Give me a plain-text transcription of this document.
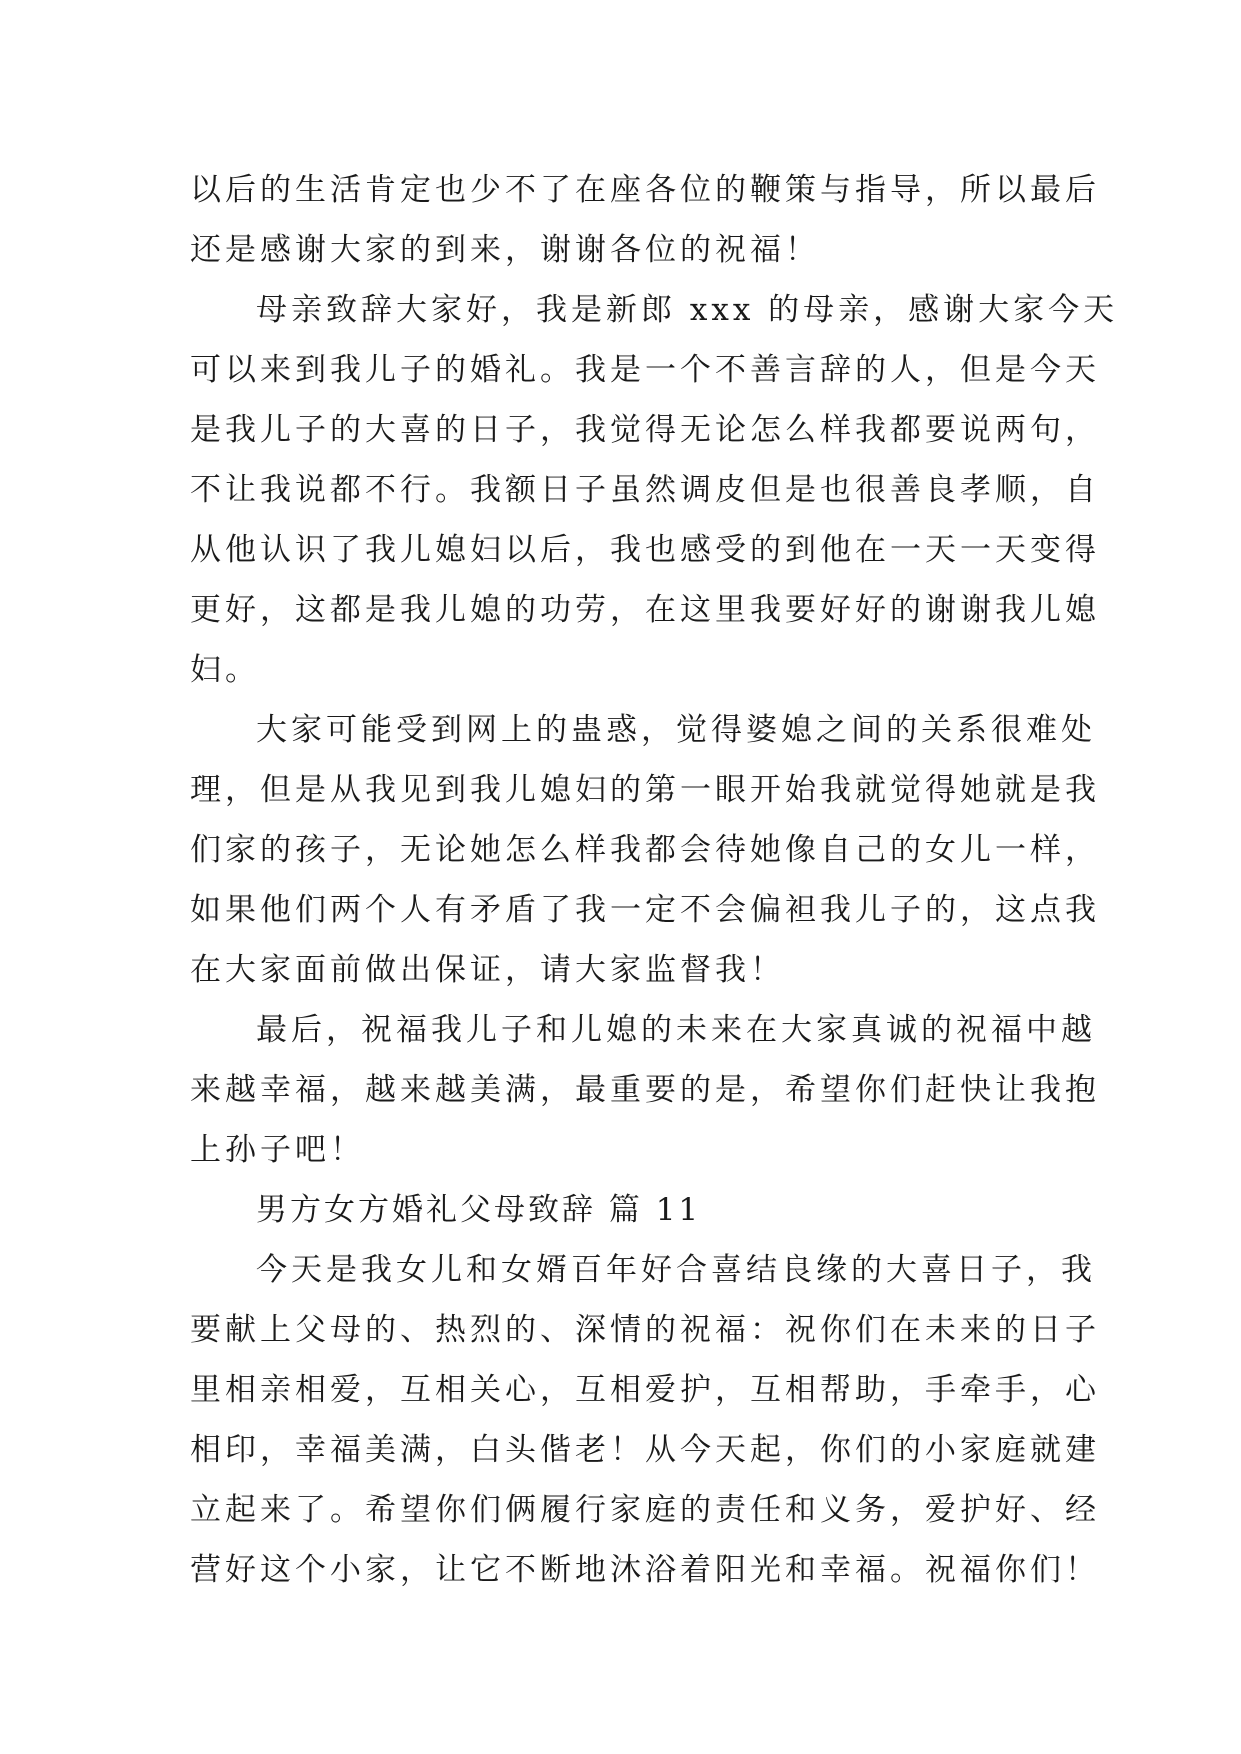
以后的生活肯定也少不了在座各位的鞭策与指导，所以最后
还是感谢大家的到来，谢谢各位的祝福！
母亲致辞大家好，我是新郎 xxx 的母亲，感谢大家今天
可以来到我儿子的婚礼。我是一个不善言辞的人，但是今天
是我儿子的大喜的日子，我觉得无论怎么样我都要说两句，
不让我说都不行。我额日子虽然调皮但是也很善良孝顺，自
从他认识了我儿媳妇以后，我也感受的到他在一天一天变得
更好，这都是我儿媳的功劳，在这里我要好好的谢谢我儿媳
妇。
大家可能受到网上的蛊惑，觉得婆媳之间的关系很难处
理，但是从我见到我儿媳妇的第一眼开始我就觉得她就是我
们家的孩子，无论她怎么样我都会待她像自己的女儿一样，
如果他们两个人有矛盾了我一定不会偏袒我儿子的，这点我
在大家面前做出保证，请大家监督我！
最后，祝福我儿子和儿媳的未来在大家真诚的祝福中越
来越幸福，越来越美满，最重要的是，希望你们赶快让我抱
上孙子吧！
男方女方婚礼父母致辞 篇 11
今天是我女儿和女婿百年好合喜结良缘的大喜日子，我
要献上父母的、热烈的、深情的祝福：祝你们在未来的日子
里相亲相爱，互相关心，互相爱护，互相帮助，手牵手，心
相印，幸福美满，白头偕老！从今天起，你们的小家庭就建
立起来了。希望你们俩履行家庭的责任和义务，爱护好、经
营好这个小家，让它不断地沐浴着阳光和幸福。祝福你们！
